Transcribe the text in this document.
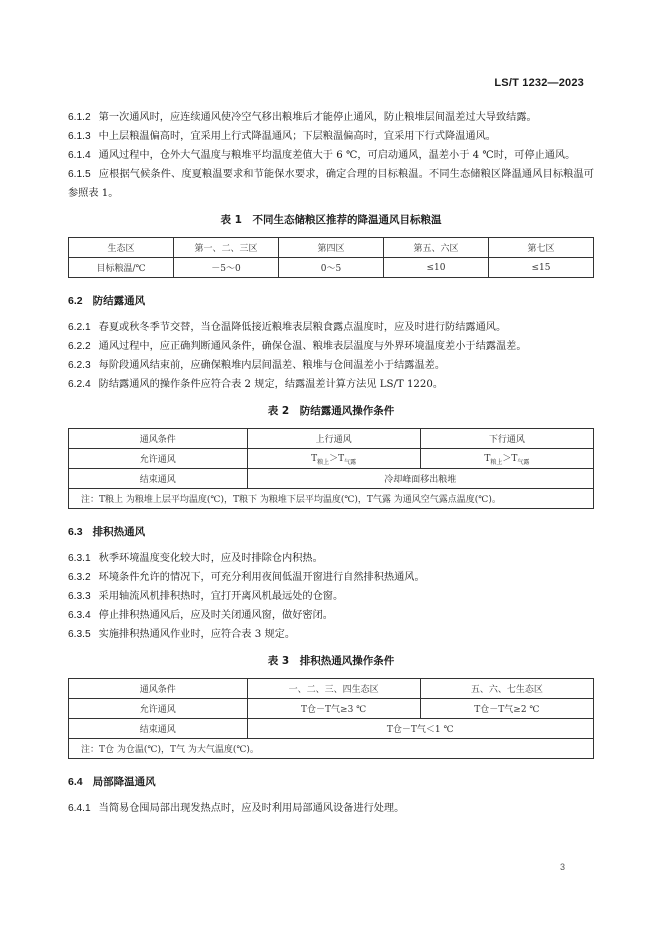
LS/T 1232—2023
6.1.2 第一次通风时，应连续通风使冷空气移出粮堆后才能停止通风，防止粮堆层间温差过大导致结露。
6.1.3 中上层粮温偏高时，宜采用上行式降温通风；下层粮温偏高时，宜采用下行式降温通风。
6.1.4 通风过程中，仓外大气温度与粮堆平均温度差值大于 6 ℃，可启动通风，温差小于 4 ℃时，可停止通风。
6.1.5 应根据气候条件、度夏粮温要求和节能保水要求，确定合理的目标粮温。不同生态储粮区降温通风目标粮温可参照表 1。
表 1　不同生态储粮区推荐的降温通风目标粮温
生态区	第一、二、三区	第四区	第五、六区	第七区
目标粮温/℃	－5～0	0～5	≤10	≤15
6.2 防结露通风
6.2.1 春夏或秋冬季节交替，当仓温降低接近粮堆表层粮食露点温度时，应及时进行防结露通风。
6.2.2 通风过程中，应正确判断通风条件，确保仓温、粮堆表层温度与外界环境温度差小于结露温差。
6.2.3 每阶段通风结束前，应确保粮堆内层间温差、粮堆与仓间温差小于结露温差。
6.2.4 防结露通风的操作条件应符合表 2 规定，结露温差计算方法见 LS/T 1220。
表 2　防结露通风操作条件
通风条件	上行通风	下行通风
允许通风	$T_{粮上}>T_{气露}$	$T_{粮上}>T_{气露}$
结束通风	冷却峰面移出粮堆	
注：T粮上 为粮堆上层平均温度(℃)，T粮下 为粮堆下层平均温度(℃)，T气露 为通风空气露点温度(℃)。		
6.3 排积热通风
6.3.1 秋季环境温度变化较大时，应及时排除仓内积热。
6.3.2 环境条件允许的情况下，可充分利用夜间低温开窗进行自然排积热通风。
6.3.3 采用轴流风机排积热时，宜打开离风机最远处的仓窗。
6.3.4 停止排积热通风后，应及时关闭通风窗，做好密闭。
6.3.5 实施排积热通风作业时，应符合表 3 规定。
表 3　排积热通风操作条件
通风条件	一、二、三、四生态区	五、六、七生态区
允许通风	T仓－T气≥3 ℃	T仓－T气≥2 ℃
结束通风	T仓－T气＜1 ℃	
注：T仓 为仓温(℃)，T气 为大气温度(℃)。		
6.4 局部降温通风
6.4.1 当简易仓囤局部出现发热点时，应及时利用局部通风设备进行处理。
3
